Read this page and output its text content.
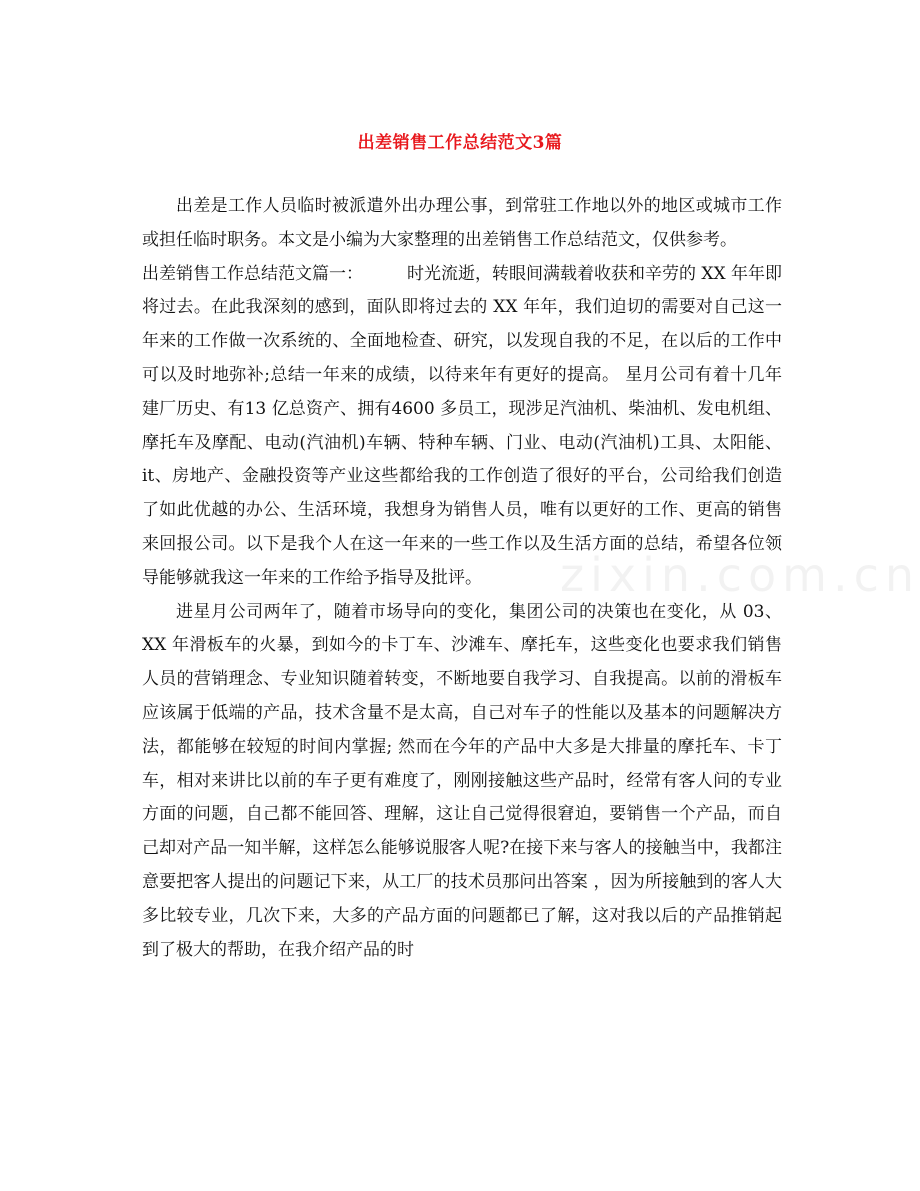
出差销售工作总结范文3篇

出差是工作人员临时被派遣外出办理公事，到常驻工作地以外的地区或城市工作或担任临时职务。本文是小编为大家整理的出差销售工作总结范文，仅供参考。

出差销售工作总结范文篇一：	时光流逝，转眼间满载着收获和辛劳的 XX 年年即将过去。在此我深刻的感到，面队即将过去的 XX 年年，我们迫切的需要对自己这一年来的工作做一次系统的、全面地检查、研究，以发现自我的不足，在以后的工作中可以及时地弥补;总结一年来的成绩，以待来年有更好的提高。 星月公司有着十几年建厂历史、有13 亿总资产、拥有4600 多员工，现涉足汽油机、柴油机、发电机组、摩托车及摩配、电动(汽油机)车辆、特种车辆、门业、电动(汽油机)工具、太阳能、it、房地产、金融投资等产业这些都给我的工作创造了很好的平台，公司给我们创造了如此优越的办公、生活环境，我想身为销售人员，唯有以更好的工作、更高的销售来回报公司。以下是我个人在这一年来的一些工作以及生活方面的总结，希望各位领导能够就我这一年来的工作给予指导及批评。

进星月公司两年了，随着市场导向的变化，集团公司的决策也在变化，从 03、XX 年滑板车的火暴，到如今的卡丁车、沙滩车、摩托车，这些变化也要求我们销售人员的营销理念、专业知识随着转变，不断地要自我学习、自我提高。以前的滑板车应该属于低端的产品，技术含量不是太高，自己对车子的性能以及基本的问题解决方法，都能够在较短的时间内掌握; 然而在今年的产品中大多是大排量的摩托车、卡丁车，相对来讲比以前的车子更有难度了，刚刚接触这些产品时，经常有客人问的专业方面的问题，自己都不能回答、理解，这让自己觉得很窘迫，要销售一个产品，而自己却对产品一知半解，这样怎么能够说服客人呢?在接下来与客人的接触当中，我都注意要把客人提出的问题记下来，从工厂的技术员那问出答案 ，因为所接触到的客人大多比较专业，几次下来，大多的产品方面的问题都已了解，这对我以后的产品推销起到了极大的帮助，在我介绍产品的时

zixin.com.cn
